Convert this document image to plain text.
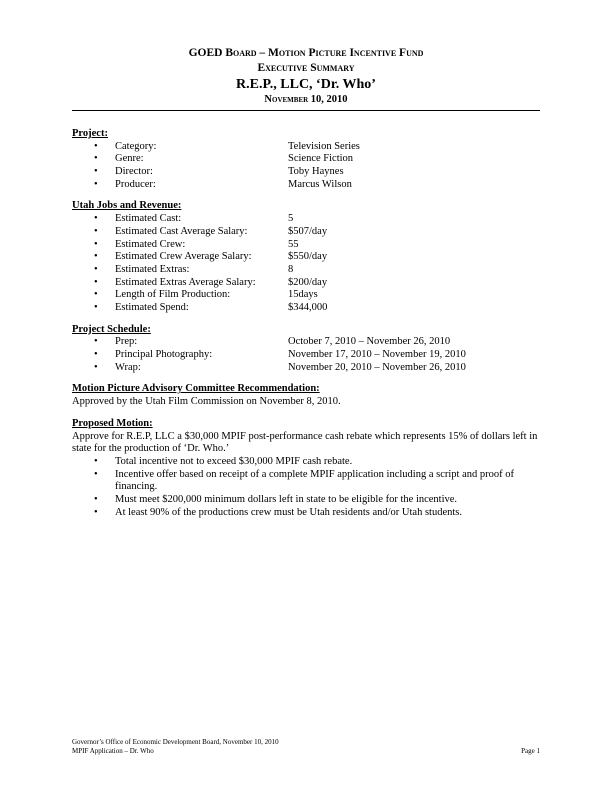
GOED Board – Motion Picture Incentive Fund
Executive Summary
R.E.P., LLC, ‘Dr. Who’
November 10, 2010
Project:
• Category:	Television Series
• Genre:	Science Fiction
• Director:	Toby Haynes
• Producer:	Marcus Wilson
Utah Jobs and Revenue:
• Estimated Cast:	5
• Estimated Cast Average Salary:	$507/day
• Estimated Crew:	55
• Estimated Crew Average Salary:	$550/day
• Estimated Extras:	8
• Estimated Extras Average Salary:	$200/day
• Length of Film Production:	15days
• Estimated Spend:	$344,000
Project Schedule:
• Prep:	October 7, 2010 – November 26, 2010
• Principal Photography:	November 17, 2010 – November 19, 2010
• Wrap:	November 20, 2010 – November 26, 2010
Motion Picture Advisory Committee Recommendation:

Approved by the Utah Film Commission on November 8, 2010.

Proposed Motion:

Approve for R.E.P, LLC a $30,000 MPIF post-performance cash rebate which represents 15% of dollars left in state for the production of ‘Dr. Who.’

• Total incentive not to exceed $30,000 MPIF cash rebate.
• Incentive offer based on receipt of a complete MPIF application including a script and proof of financing.
• Must meet $200,000 minimum dollars left in state to be eligible for the incentive.
• At least 90% of the productions crew must be Utah residents and/or Utah students.
Governor’s Office of Economic Development Board, November 10, 2010
MPIF Application – Dr. Who	Page 1
